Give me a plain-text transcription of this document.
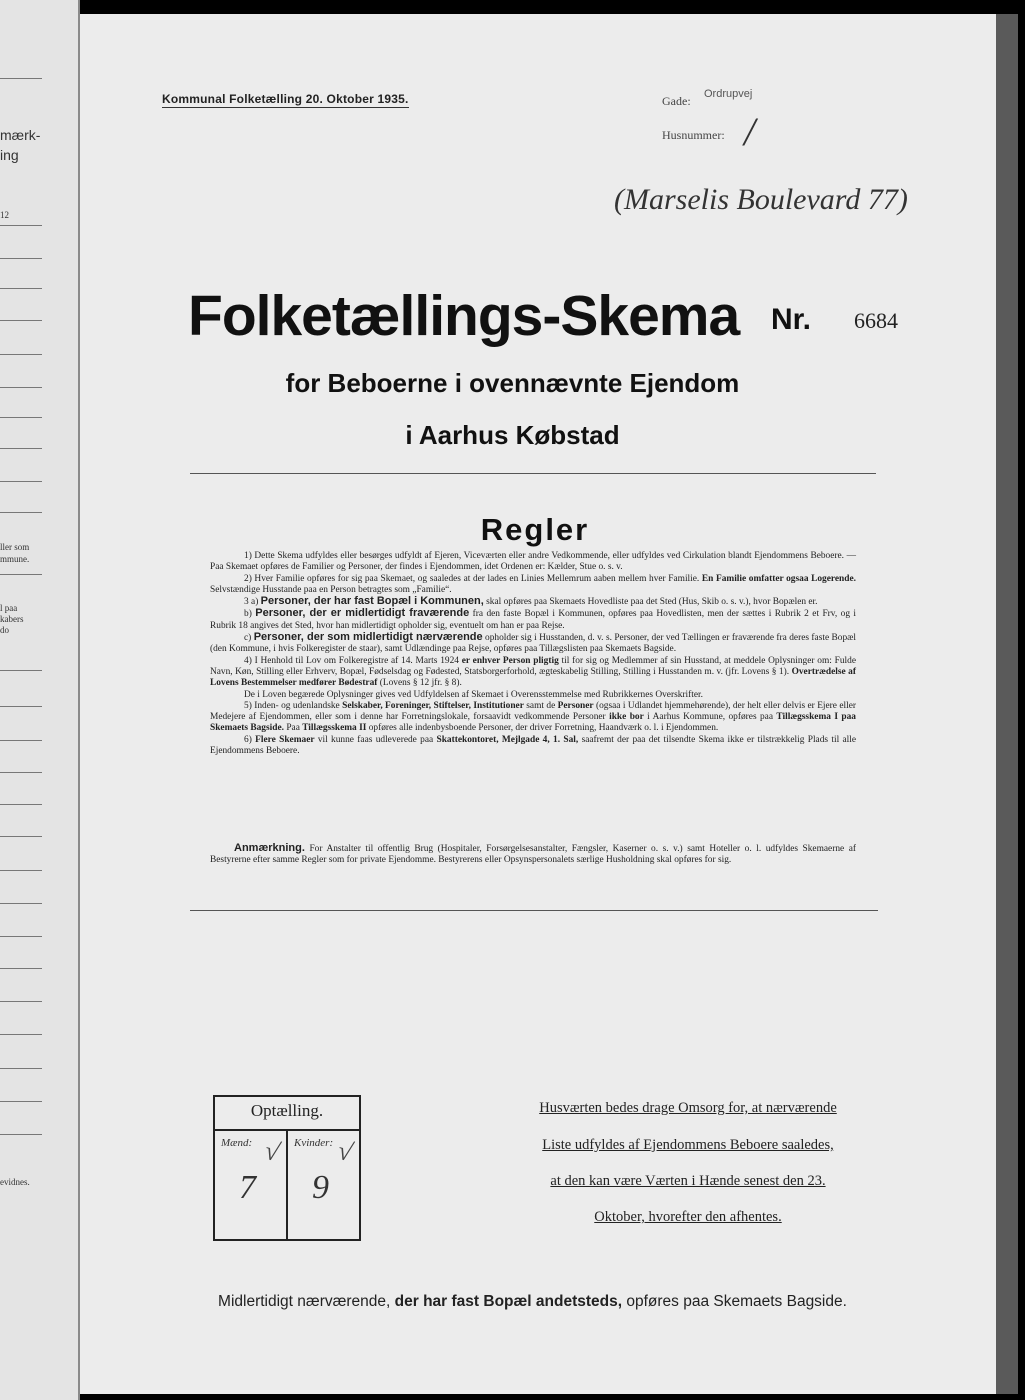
mærk-
ing
12
ller som
mmune.
l paa
kabers
do
evidnes.
Kommunal Folketælling 20. Oktober 1935.	Gade: Ordrupvej
Husnummer: /
(Marselis Boulevard 77)
Folketællings-Skema Nr. 6684
for Beboerne i ovennævnte Ejendom
i Aarhus Købstad
Regler

1) Dette Skema udfyldes eller besørges udfyldt af Ejeren, Viceværten eller andre Vedkommende, eller udfyldes ved Cirkulation blandt Ejendommens Beboere. — Paa Skemaet opføres de Familier og Personer, der findes i Ejendommen, idet Ordenen er: Kælder, Stue o. s. v.

2) Hver Familie opføres for sig paa Skemaet, og saaledes at der lades en Linies Mellemrum aaben mellem hver Familie. En Familie omfatter ogsaa Logerende. Selvstændige Husstande paa en Person betragtes som „Familie“.

3 a) Personer, der har fast Bopæl i Kommunen, skal opføres paa Skemaets Hovedliste paa det Sted (Hus, Skib o. s. v.), hvor Bopælen er.

b) Personer, der er midlertidigt fraværende fra den faste Bopæl i Kommunen, opføres paa Hovedlisten, men der sættes i Rubrik 2 et Frv, og i Rubrik 18 angives det Sted, hvor han midlertidigt opholder sig, eventuelt om han er paa Rejse.

c) Personer, der som midlertidigt nærværende opholder sig i Husstanden, d. v. s. Personer, der ved Tællingen er fraværende fra deres faste Bopæl (den Kommune, i hvis Folkeregister de staar), samt Udlændinge paa Rejse, opføres paa Tillægslisten paa Skemaets Bagside.

4) I Henhold til Lov om Folkeregistre af 14. Marts 1924 er enhver Person pligtig til for sig og Medlemmer af sin Husstand, at meddele Oplysninger om: Fulde Navn, Køn, Stilling eller Erhverv, Bopæl, Fødselsdag og Fødested, Statsborgerforhold, ægteskabelig Stilling, Stilling i Husstanden m. v. (jfr. Lovens § 1). Overtrædelse af Lovens Bestemmelser medfører Bødestraf (Lovens § 12 jfr. § 8).

De i Loven begærede Oplysninger gives ved Udfyldelsen af Skemaet i Overensstemmelse med Rubrikkernes Overskrifter.

5) Inden- og udenlandske Selskaber, Foreninger, Stiftelser, Institutioner samt de Personer (ogsaa i Udlandet hjemmehørende), der helt eller delvis er Ejere eller Medejere af Ejendommen, eller som i denne har Forretningslokale, forsaavidt vedkommende Personer ikke bor i Aarhus Kommune, opføres paa Tillægsskema I paa Skemaets Bagside. Paa Tillægsskema II opføres alle indenbysboende Personer, der driver Forretning, Haandværk o. l. i Ejendommen.

6) Flere Skemaer vil kunne faas udleverede paa Skattekontoret, Mejlgade 4, 1. Sal, saafremt der paa det tilsendte Skema ikke er tilstrækkelig Plads til alle Ejendommens Beboere.

Anmærkning. For Anstalter til offentlig Brug (Hospitaler, Forsørgelsesanstalter, Fængsler, Kaserner o. s. v.) samt Hoteller o. l. udfyldes Skemaerne af Bestyrerne efter samme Regler som for private Ejendomme. Bestyrerens eller Opsynspersonalets særlige Husholdning skal opføres for sig.

Optælling.
Mænd:
7
√ Kvinder:
9
√
Husværten bedes drage Omsorg for, at nærværende
Liste udfyldes af Ejendommens Beboere saaledes,
at den kan være Værten i Hænde senest den 23.
Oktober, hvorefter den afhentes.
Midlertidigt nærværende, der har fast Bopæl andetsteds, opføres paa Skemaets Bagside.
